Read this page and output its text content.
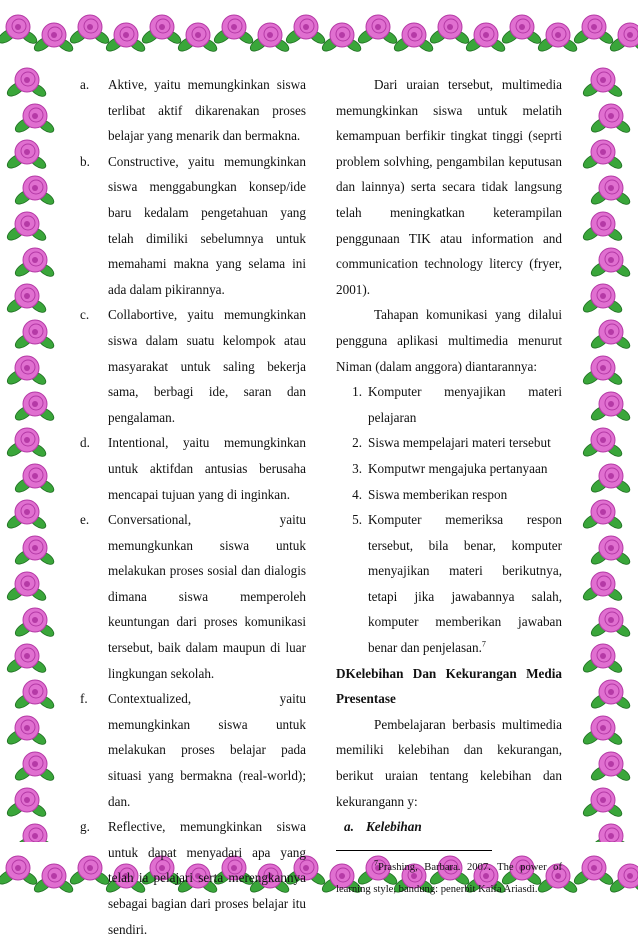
a.	Aktive, yaitu memungkinkan siswa terlibat aktif dikarenakan proses belajar yang menarik dan bermakna.

b.	Constructive, yaitu memungkinkan siswa menggabungkan konsep/ide baru kedalam pengetahuan yang telah dimiliki sebelumnya untuk memahami makna yang selama ini ada dalam pikirannya.

c.	Collabortive, yaitu memungkinkan siswa dalam suatu kelompok atau masyarakat untuk saling bekerja sama, berbagi ide, saran dan pengalaman.

d.	Intentional, yaitu memungkinkan untuk aktifdan antusias berusaha mencapai tujuan yang di inginkan.

e.	Conversational, yaitu memungkunkan siswa untuk melakukan proses sosial dan dialogis dimana siswa memperoleh keuntungan dari proses komunikasi tersebut, baik dalam maupun di luar lingkungan sekolah.

f.	Contextualized, yaitu memungkinkan siswa untuk melakukan proses belajar pada situasi yang bermakna (real-world); dan.

g.	Reflective, memungkinkan siswa untuk dapat menyadari apa yang telah ia pelajari serta merengkannya sebagai bagian dari proses belajar itu sendiri.

Dari uraian tersebut, multimedia memungkinkan siswa untuk melatih kemampuan berfikir tingkat tinggi (seprti problem solvhing, pengambilan keputusan dan lainnya) serta secara tidak langsung telah meningkatkan keterampilan penggunaan TIK atau information and communication technology litercy (fryer, 2001).

Tahapan komunikasi yang dilalui pengguna aplikasi multimedia menurut Niman (dalam anggora) diantarannya:

1. Komputer menyajikan materi pelajaran
2. Siswa mempelajari materi tersebut
3. Komputwr mengajuka pertanyaan
4. Siswa memberikan respon
5. Komputer memeriksa respon tersebut, bila benar, komputer menyajikan materi berikutnya, tetapi jika jawabannya salah, komputer memberikan jawaban benar dan penjelasan.$^7$

DKelebihan Dan Kekurangan Media Presentase

Pembelajaran berbasis multimedia memiliki kelebihan dan kekurangan, berikut uraian tentang kelebihan dan kekurangann y:

a. Kelebihan

$^7$Prashing, Barbara. 2007. The power of learning style, bandung: penerbit Kaifa Ariasdi.
